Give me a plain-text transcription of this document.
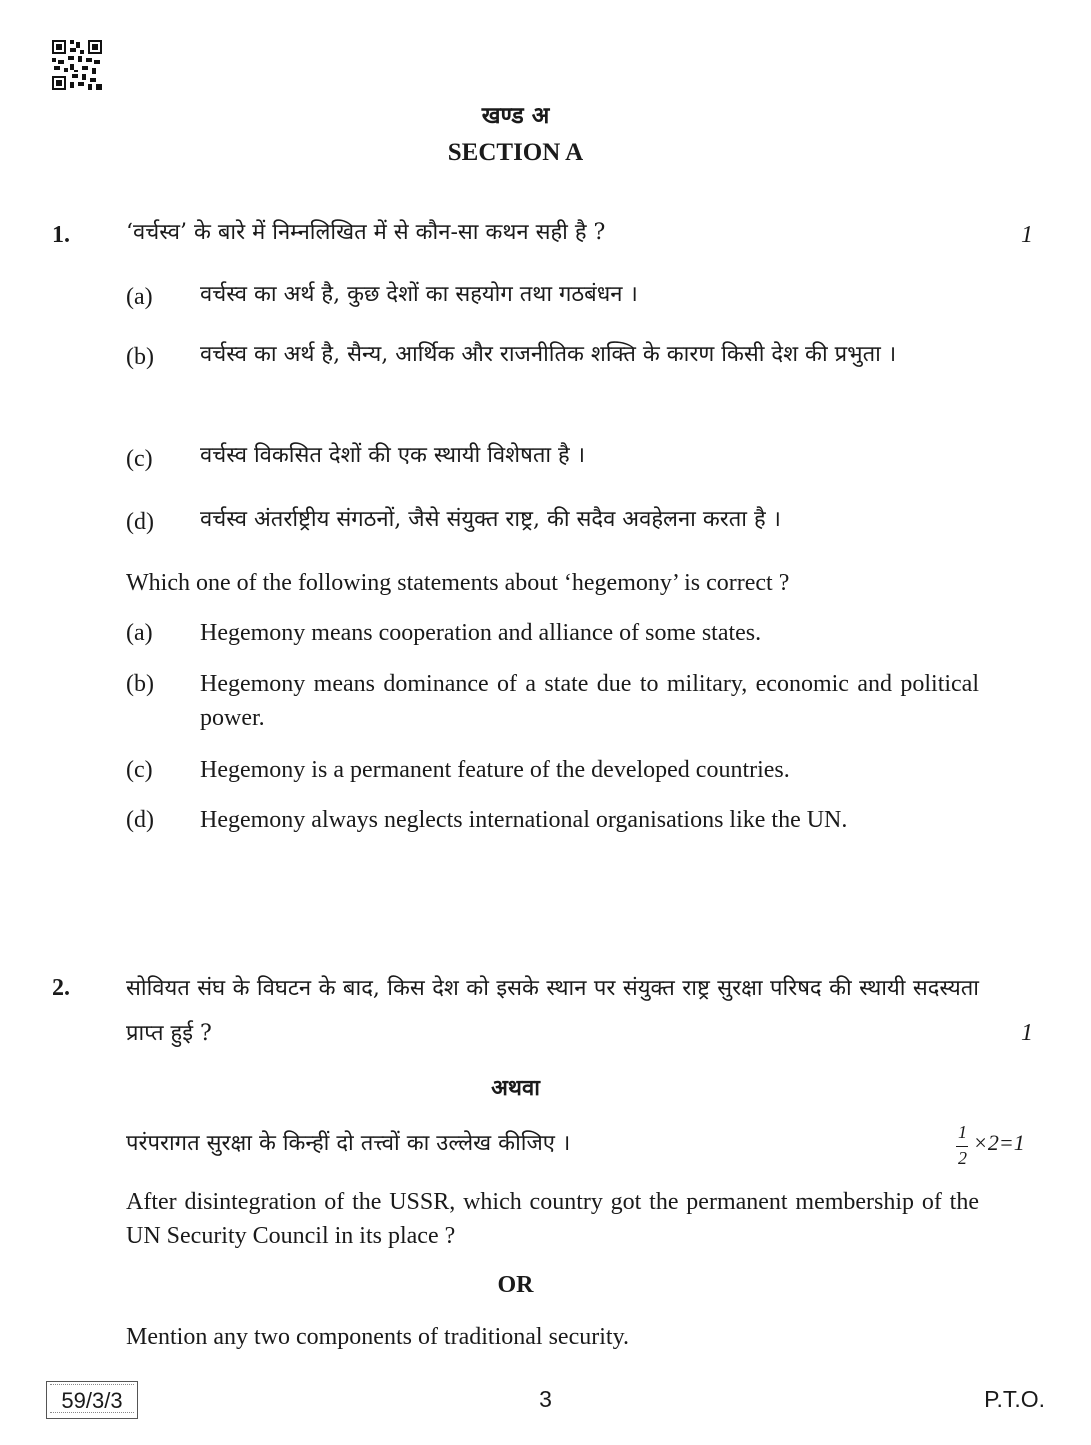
खण्ड अ
SECTION A
1.	1
‘वर्चस्व’ के बारे में निम्नलिखित में से कौन-सा कथन सही है ?
(a) वर्चस्व का अर्थ है, कुछ देशों का सहयोग तथा गठबंधन ।
(b) वर्चस्व का अर्थ है, सैन्य, आर्थिक और राजनीतिक शक्ति के कारण किसी देश की प्रभुता ।
(c) वर्चस्व विकसित देशों की एक स्थायी विशेषता है ।
(d) वर्चस्व अंतर्राष्ट्रीय संगठनों, जैसे संयुक्त राष्ट्र, की सदैव अवहेलना करता है ।
Which one of the following statements about ‘hegemony’ is correct ?
(a) Hegemony means cooperation and alliance of some states.
(b) Hegemony means dominance of a state due to military, economic and political power.
(c) Hegemony is a permanent feature of the developed countries.
(d) Hegemony always neglects international organisations like the UN.
2.	सोवियत संघ के विघटन के बाद, किस देश को इसके स्थान पर संयुक्त राष्ट्र सुरक्षा परिषद की स्थायी सदस्यता प्राप्त हुई ?	1
अथवा
परंपरागत सुरक्षा के किन्हीं दो तत्त्वों का उल्लेख कीजिए ।	1
2
×2=1
After disintegration of the USSR, which country got the permanent membership of the UN Security Council in its place ?
OR
Mention any two components of traditional security.
59/3/3	3	P.T.O.
